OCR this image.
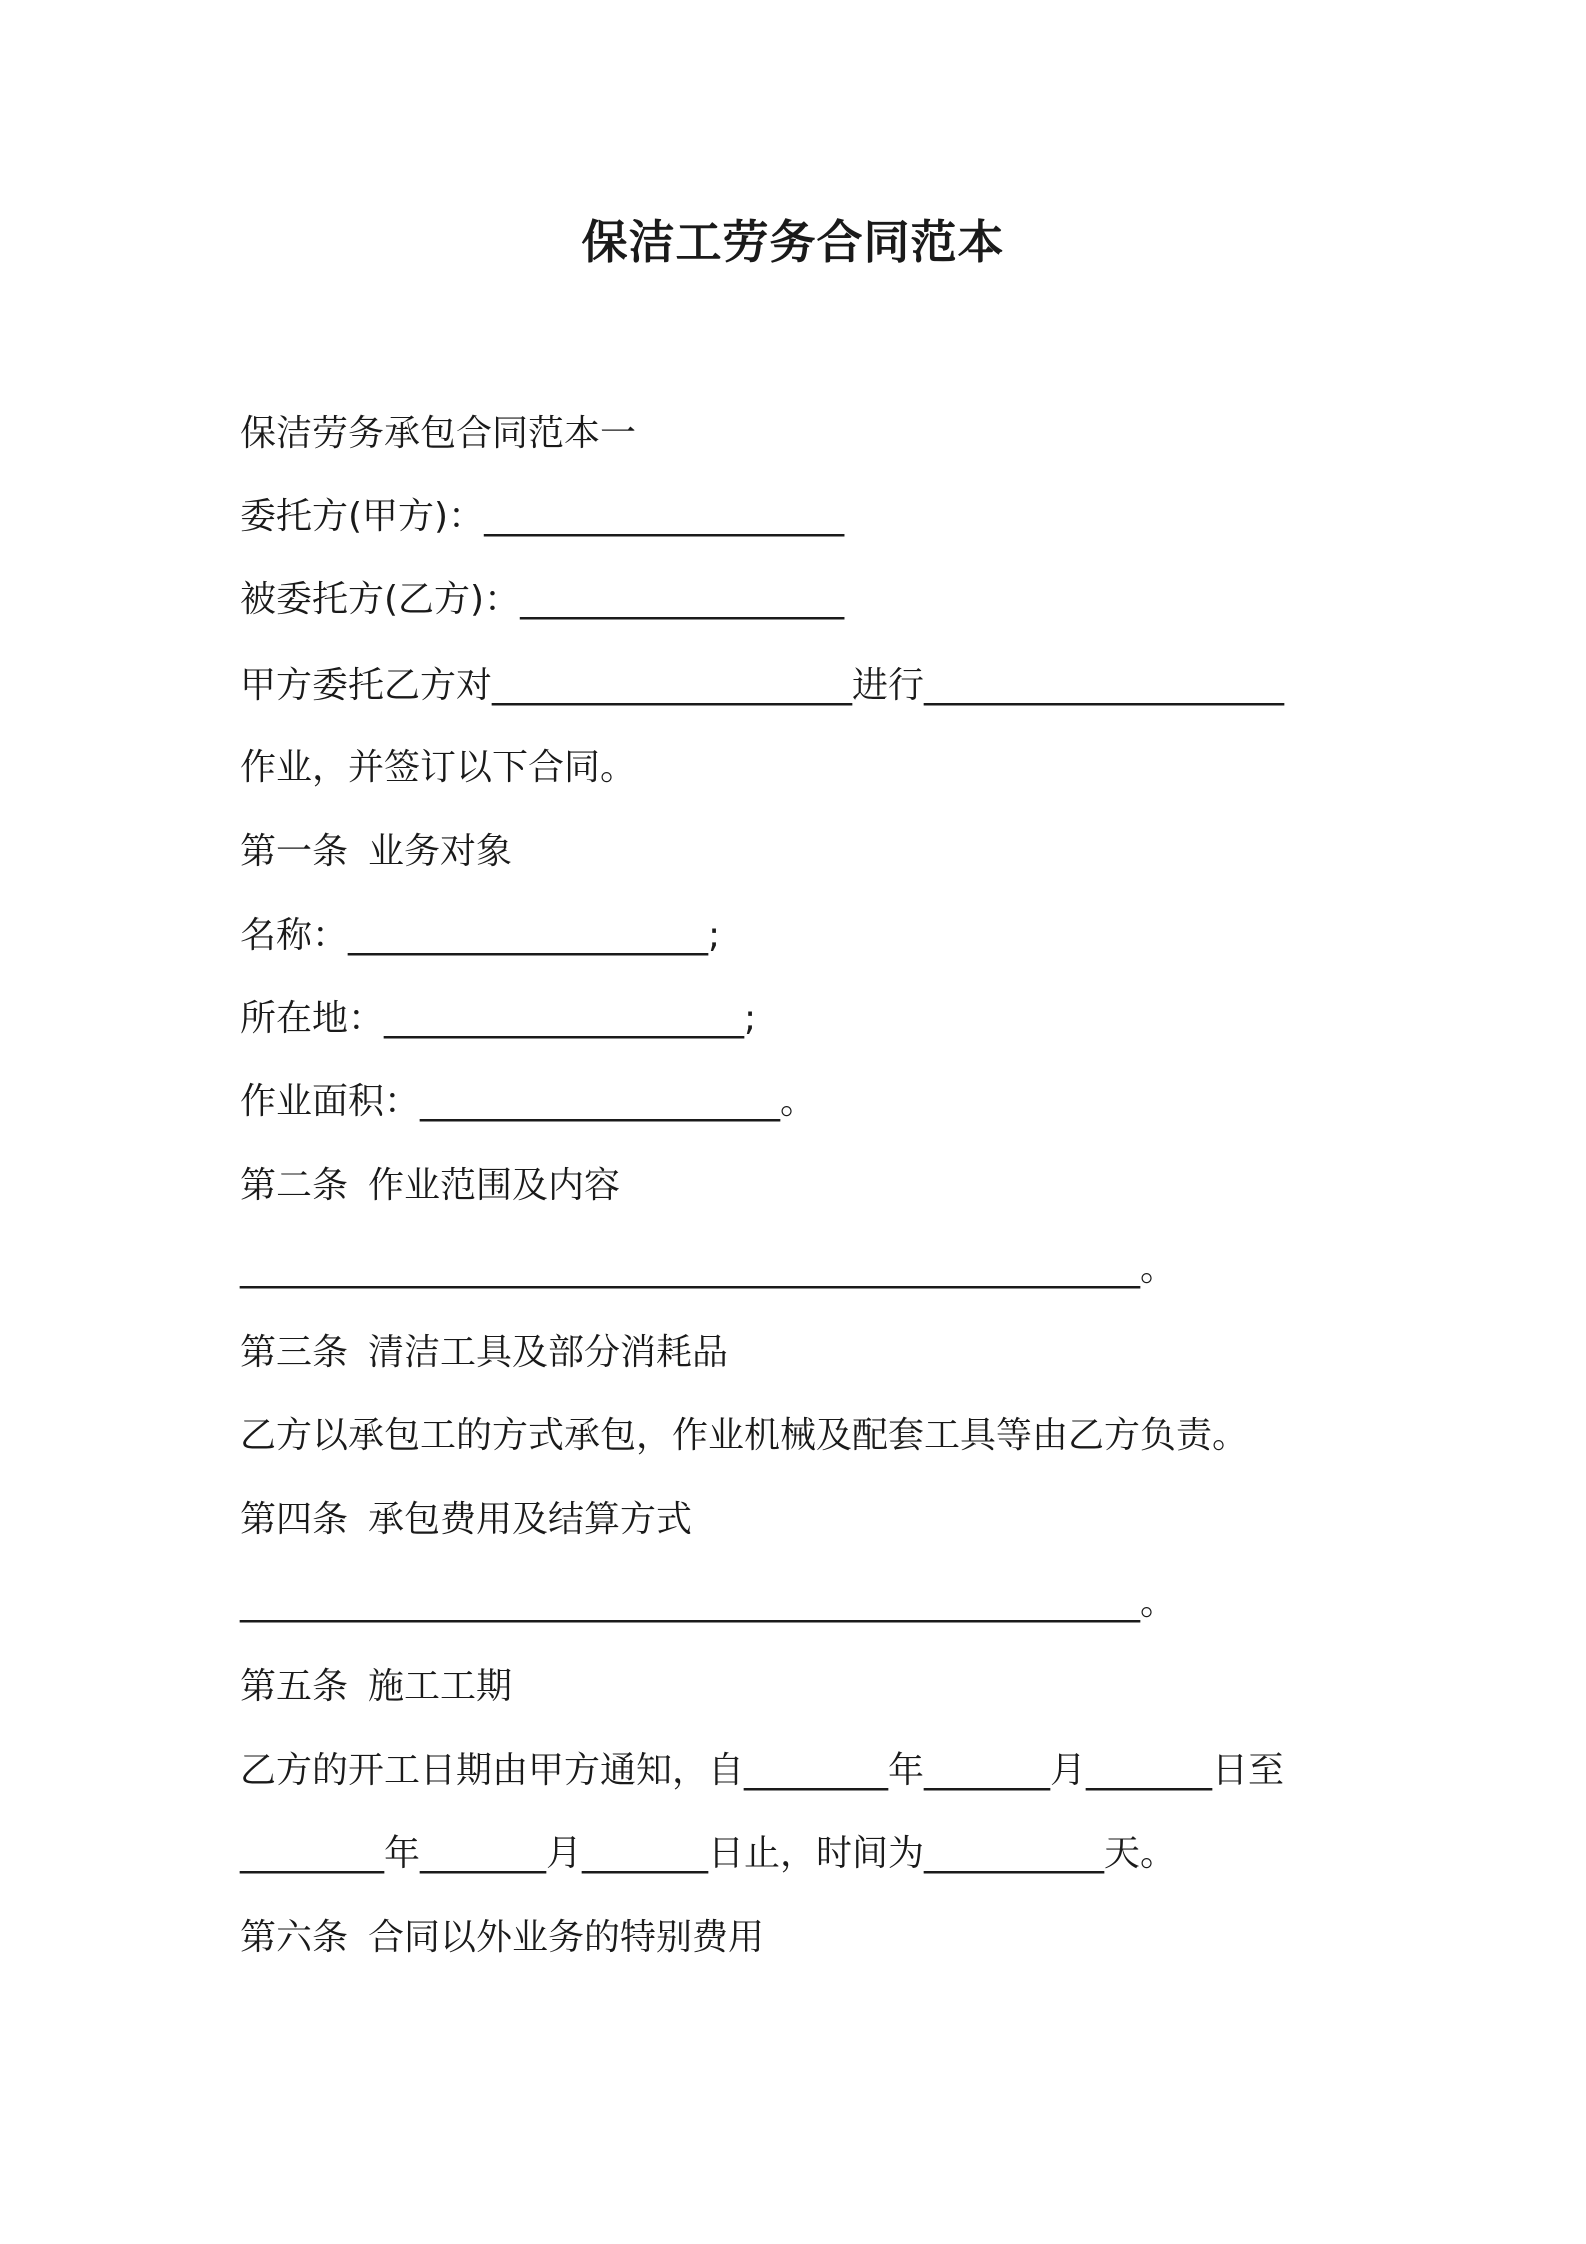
保洁工劳务合同范本
保洁劳务承包合同范本一
委托方(甲方)：____________________
被委托方(乙方)：__________________
甲方委托乙方对____________________进行____________________
作业，并签订以下合同。
第一条 业务对象
名称：____________________;
所在地：____________________;
作业面积：____________________。
第二条 作业范围及内容
__________________________________________________。
第三条 清洁工具及部分消耗品
乙方以承包工的方式承包，作业机械及配套工具等由乙方负责。
第四条 承包费用及结算方式
__________________________________________________。
第五条 施工工期
乙方的开工日期由甲方通知，自________年_______月_______日至
________年_______月_______日止，时间为__________天。
第六条 合同以外业务的特别费用
